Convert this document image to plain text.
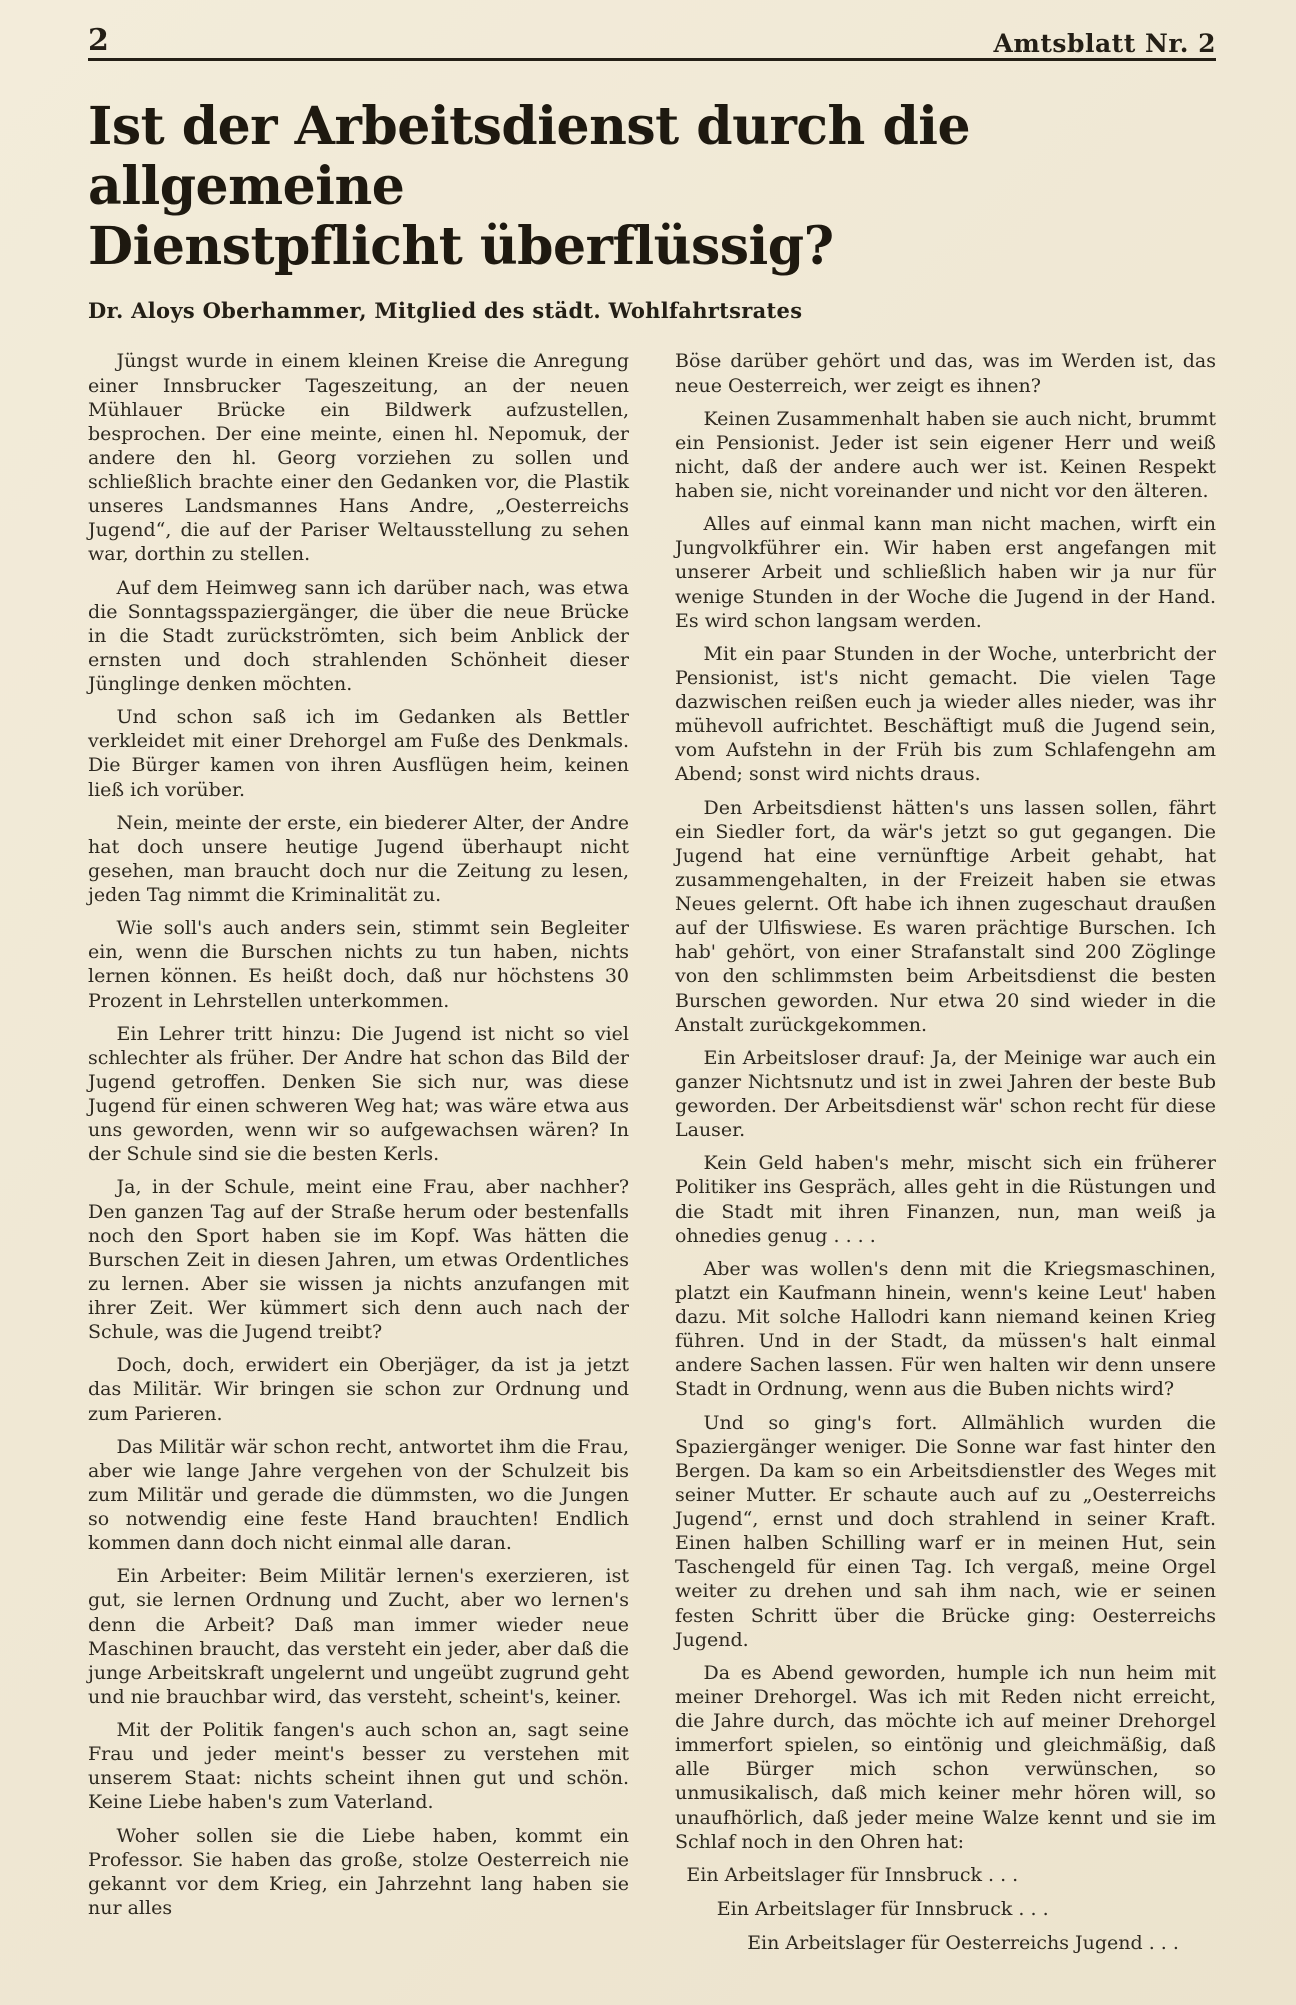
2	Amtsblatt Nr. 2
Ist der Arbeitsdienst durch die allgemeine
Dienstpflicht überflüssig?
Dr. Aloys Oberhammer, Mitglied des städt. Wohlfahrtsrates

Jüngst wurde in einem kleinen Kreise die Anregung einer Innsbrucker Tageszeitung, an der neuen Mühlauer Brücke ein Bildwerk aufzustellen, besprochen. Der eine meinte, einen hl. Nepomuk, der andere den hl. Georg vorziehen zu sollen und schließlich brachte einer den Gedanken vor, die Plastik unseres Landsmannes Hans Andre, „Oesterreichs Jugend“, die auf der Pariser Weltausstellung zu sehen war, dorthin zu stellen.

Auf dem Heimweg sann ich darüber nach, was etwa die Sonntagsspaziergänger, die über die neue Brücke in die Stadt zurückströmten, sich beim Anblick der ernsten und doch strahlenden Schönheit dieser Jünglinge denken möchten.

Und schon saß ich im Gedanken als Bettler verkleidet mit einer Drehorgel am Fuße des Denkmals. Die Bürger kamen von ihren Ausflügen heim, keinen ließ ich vorüber.

Nein, meinte der erste, ein biederer Alter, der Andre hat doch unsere heutige Jugend überhaupt nicht gesehen, man braucht doch nur die Zeitung zu lesen, jeden Tag nimmt die Kriminalität zu.

Wie soll's auch anders sein, stimmt sein Begleiter ein, wenn die Burschen nichts zu tun haben, nichts lernen können. Es heißt doch, daß nur höchstens 30 Prozent in Lehrstellen unterkommen.

Ein Lehrer tritt hinzu: Die Jugend ist nicht so viel schlechter als früher. Der Andre hat schon das Bild der Jugend getroffen. Denken Sie sich nur, was diese Jugend für einen schweren Weg hat; was wäre etwa aus uns geworden, wenn wir so aufgewachsen wären? In der Schule sind sie die besten Kerls.

Ja, in der Schule, meint eine Frau, aber nachher? Den ganzen Tag auf der Straße herum oder bestenfalls noch den Sport haben sie im Kopf. Was hätten die Burschen Zeit in diesen Jahren, um etwas Ordentliches zu lernen. Aber sie wissen ja nichts anzufangen mit ihrer Zeit. Wer kümmert sich denn auch nach der Schule, was die Jugend treibt?

Doch, doch, erwidert ein Oberjäger, da ist ja jetzt das Militär. Wir bringen sie schon zur Ordnung und zum Parieren.

Das Militär wär schon recht, antwortet ihm die Frau, aber wie lange Jahre vergehen von der Schulzeit bis zum Militär und gerade die dümmsten, wo die Jungen so notwendig eine feste Hand brauchten! Endlich kommen dann doch nicht einmal alle daran.

Ein Arbeiter: Beim Militär lernen's exerzieren, ist gut, sie lernen Ordnung und Zucht, aber wo lernen's denn die Arbeit? Daß man immer wieder neue Maschinen braucht, das versteht ein jeder, aber daß die junge Arbeitskraft ungelernt und ungeübt zugrund geht und nie brauchbar wird, das versteht, scheint's, keiner.

Mit der Politik fangen's auch schon an, sagt seine Frau und jeder meint's besser zu verstehen mit unserem Staat: nichts scheint ihnen gut und schön. Keine Liebe haben's zum Vaterland.

Woher sollen sie die Liebe haben, kommt ein Professor. Sie haben das große, stolze Oesterreich nie gekannt vor dem Krieg, ein Jahrzehnt lang haben sie nur alles

Böse darüber gehört und das, was im Werden ist, das neue Oesterreich, wer zeigt es ihnen?

Keinen Zusammenhalt haben sie auch nicht, brummt ein Pensionist. Jeder ist sein eigener Herr und weiß nicht, daß der andere auch wer ist. Keinen Respekt haben sie, nicht voreinander und nicht vor den älteren.

Alles auf einmal kann man nicht machen, wirft ein Jungvolkführer ein. Wir haben erst angefangen mit unserer Arbeit und schließlich haben wir ja nur für wenige Stunden in der Woche die Jugend in der Hand. Es wird schon langsam werden.

Mit ein paar Stunden in der Woche, unterbricht der Pensionist, ist's nicht gemacht. Die vielen Tage dazwischen reißen euch ja wieder alles nieder, was ihr mühevoll aufrichtet. Beschäftigt muß die Jugend sein, vom Aufstehn in der Früh bis zum Schlafengehn am Abend; sonst wird nichts draus.

Den Arbeitsdienst hätten's uns lassen sollen, fährt ein Siedler fort, da wär's jetzt so gut gegangen. Die Jugend hat eine vernünftige Arbeit gehabt, hat zusammengehalten, in der Freizeit haben sie etwas Neues gelernt. Oft habe ich ihnen zugeschaut draußen auf der Ulfiswiese. Es waren prächtige Burschen. Ich hab' gehört, von einer Strafanstalt sind 200 Zöglinge von den schlimmsten beim Arbeitsdienst die besten Burschen geworden. Nur etwa 20 sind wieder in die Anstalt zurückgekommen.

Ein Arbeitsloser drauf: Ja, der Meinige war auch ein ganzer Nichtsnutz und ist in zwei Jahren der beste Bub geworden. Der Arbeitsdienst wär' schon recht für diese Lauser.

Kein Geld haben's mehr, mischt sich ein früherer Politiker ins Gespräch, alles geht in die Rüstungen und die Stadt mit ihren Finanzen, nun, man weiß ja ohnedies genug . . . .

Aber was wollen's denn mit die Kriegsmaschinen, platzt ein Kaufmann hinein, wenn's keine Leut' haben dazu. Mit solche Hallodri kann niemand keinen Krieg führen. Und in der Stadt, da müssen's halt einmal andere Sachen lassen. Für wen halten wir denn unsere Stadt in Ordnung, wenn aus die Buben nichts wird?

Und so ging's fort. Allmählich wurden die Spaziergänger weniger. Die Sonne war fast hinter den Bergen. Da kam so ein Arbeitsdienstler des Weges mit seiner Mutter. Er schaute auch auf zu „Oesterreichs Jugend“, ernst und doch strahlend in seiner Kraft. Einen halben Schilling warf er in meinen Hut, sein Taschengeld für einen Tag. Ich vergaß, meine Orgel weiter zu drehen und sah ihm nach, wie er seinen festen Schritt über die Brücke ging: Oesterreichs Jugend.

Da es Abend geworden, humple ich nun heim mit meiner Drehorgel. Was ich mit Reden nicht erreicht, die Jahre durch, das möchte ich auf meiner Drehorgel immerfort spielen, so eintönig und gleichmäßig, daß alle Bürger mich schon verwünschen, so unmusikalisch, daß mich keiner mehr hören will, so unaufhörlich, daß jeder meine Walze kennt und sie im Schlaf noch in den Ohren hat:

Ein Arbeitslager für Innsbruck . . .

Ein Arbeitslager für Innsbruck . . .

Ein Arbeitslager für Oesterreichs Jugend . . .
